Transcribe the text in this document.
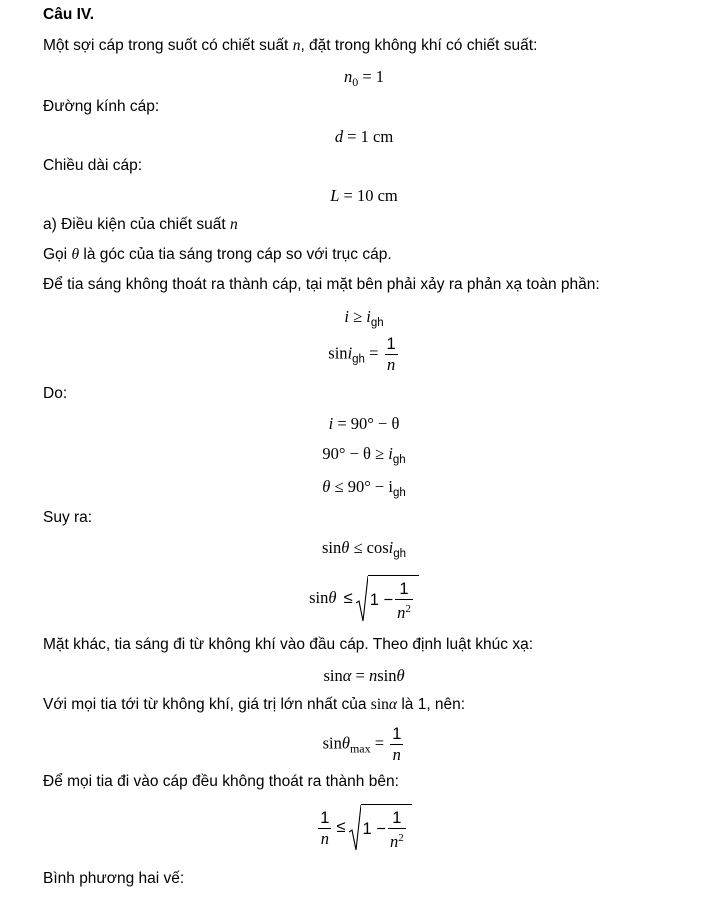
Câu IV.
Một sợi cáp trong suốt có chiết suất n, đặt trong không khí có chiết suất:
$n_0 = 1$
Đường kính cáp:
d = 1 cm
Chiều dài cáp:
L = 10 cm
a) Điều kiện của chiết suất n
Gọi θ là góc của tia sáng trong cáp so với trục cáp.
Để tia sáng không thoát ra thành cáp, tại mặt bên phải xảy ra phản xạ toàn phần:
$i \ge i_{gh}$
$\sin i_{gh} = \frac{1}{n}$
Do:
i = 90° − θ
$90^\circ - \theta \ge i_{gh}$
$\theta \le 90^\circ - i_{gh}$
Suy ra:
sinθ ≤ cosi$_{gh}$
$\sin\theta \le 1 - \frac{1}{n^2}$
Mặt khác, tia sáng đi từ không khí vào đầu cáp. Theo định luật khúc xạ:
sinα = nsinθ
Với mọi tia tới từ không khí, giá trị lớn nhất của sinα là 1, nên:
$\sin\theta_{max} = \frac{1}{n}$
Để mọi tia đi vào cáp đều không thoát ra thành bên:
$\frac{1}{n} \le 1 - \frac{1}{n^2}$
Bình phương hai vế:
